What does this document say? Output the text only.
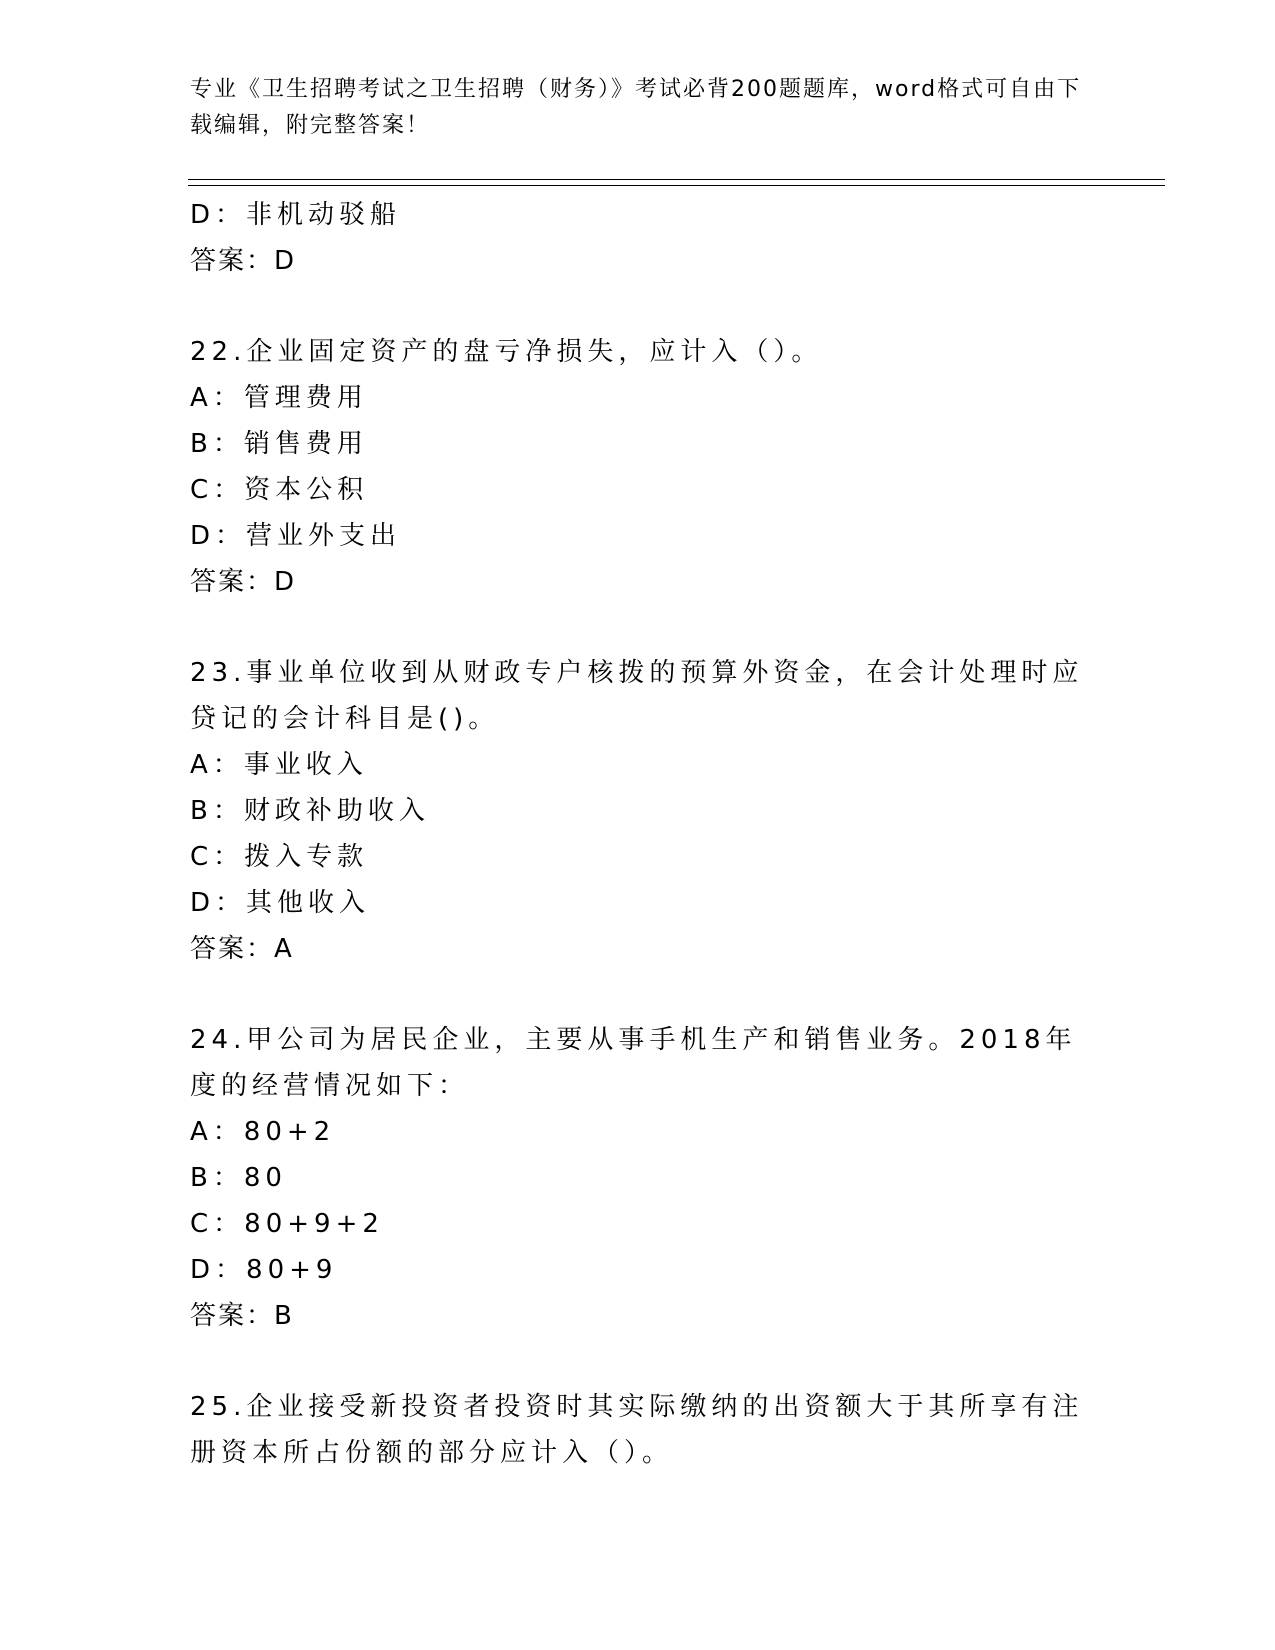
专业《卫生招聘考试之卫生招聘（财务）》考试必背200题题库，word格式可自由下载编辑，附完整答案！
D：非机动驳船
答案：D
22.企业固定资产的盘亏净损失，应计入（）。
A：管理费用
B：销售费用
C：资本公积
D：营业外支出
答案：D
23.事业单位收到从财政专户核拨的预算外资金，在会计处理时应贷记的会计科目是()。
A：事业收入
B：财政补助收入
C：拨入专款
D：其他收入
答案：A
24.甲公司为居民企业，主要从事手机生产和销售业务。2018年度的经营情况如下：
A：80+2
B：80
C：80+9+2
D：80+9
答案：B
25.企业接受新投资者投资时其实际缴纳的出资额大于其所享有注册资本所占份额的部分应计入（）。
